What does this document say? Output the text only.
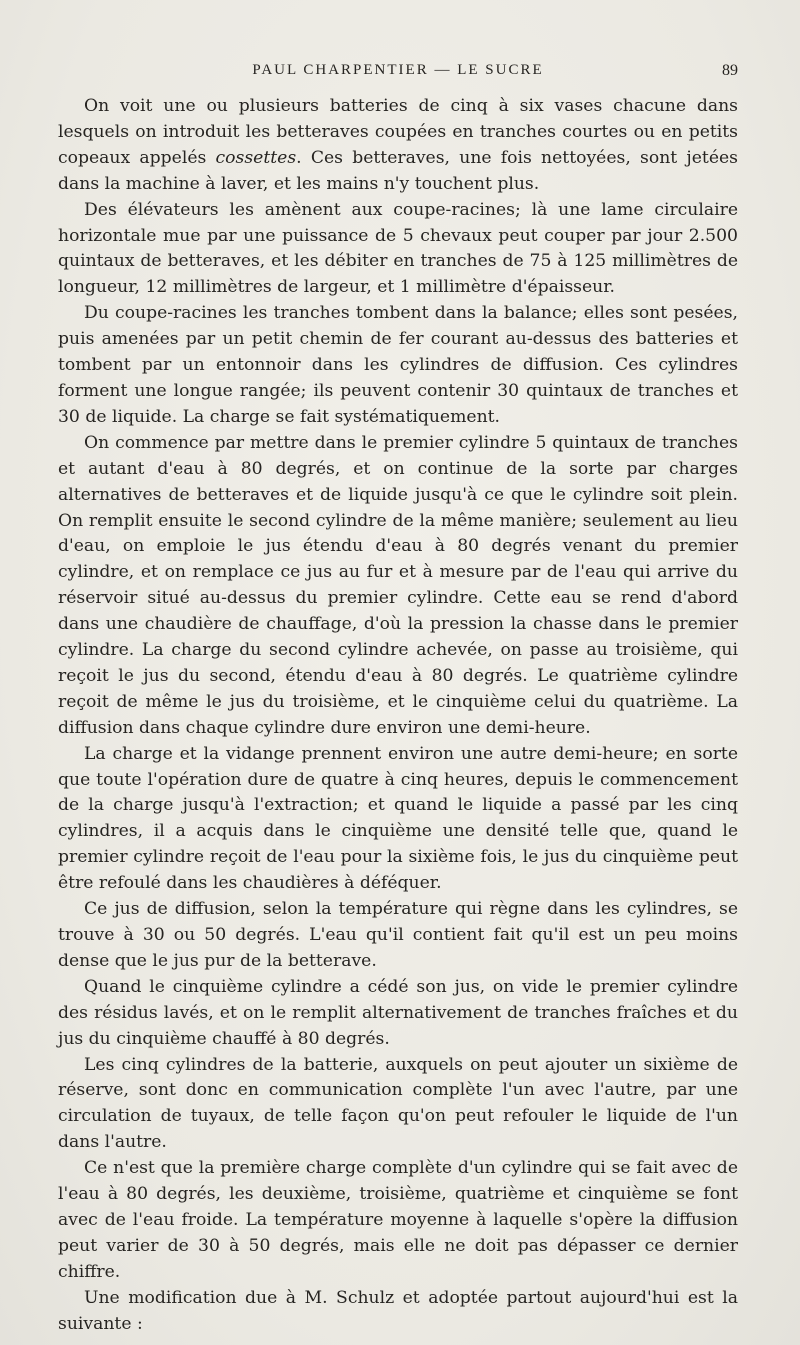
PAUL CHARPENTIER — LE SUCRE	89

On voit une ou plusieurs batteries de cinq à six vases chacune dans lesquels on introduit les betteraves coupées en tranches courtes ou en petits copeaux appelés cossettes. Ces betteraves, une fois nettoyées, sont jetées dans la machine à laver, et les mains n'y touchent plus.

Des élévateurs les amènent aux coupe-racines; là une lame circulaire horizontale mue par une puissance de 5 chevaux peut couper par jour 2.500 quintaux de betteraves, et les débiter en tranches de 75 à 125 millimètres de longueur, 12 millimètres de largeur, et 1 millimètre d'épaisseur.

Du coupe-racines les tranches tombent dans la balance; elles sont pesées, puis amenées par un petit chemin de fer courant au-dessus des batteries et tombent par un entonnoir dans les cylindres de diffusion. Ces cylindres forment une longue rangée; ils peuvent contenir 30 quintaux de tranches et 30 de liquide. La charge se fait systématiquement.

On commence par mettre dans le premier cylindre 5 quintaux de tranches et autant d'eau à 80 degrés, et on continue de la sorte par charges alternatives de betteraves et de liquide jusqu'à ce que le cylindre soit plein. On remplit ensuite le second cylindre de la même manière; seulement au lieu d'eau, on emploie le jus étendu d'eau à 80 degrés venant du premier cylindre, et on remplace ce jus au fur et à mesure par de l'eau qui arrive du réservoir situé au-dessus du premier cylindre. Cette eau se rend d'abord dans une chaudière de chauffage, d'où la pression la chasse dans le premier cylindre. La charge du second cylindre achevée, on passe au troisième, qui reçoit le jus du second, étendu d'eau à 80 degrés. Le quatrième cylindre reçoit de même le jus du troisième, et le cinquième celui du quatrième. La diffusion dans chaque cylindre dure environ une demi-heure.

La charge et la vidange prennent environ une autre demi-heure; en sorte que toute l'opération dure de quatre à cinq heures, depuis le commencement de la charge jusqu'à l'extraction; et quand le liquide a passé par les cinq cylindres, il a acquis dans le cinquième une densité telle que, quand le premier cylindre reçoit de l'eau pour la sixième fois, le jus du cinquième peut être refoulé dans les chaudières à déféquer.

Ce jus de diffusion, selon la température qui règne dans les cylindres, se trouve à 30 ou 50 degrés. L'eau qu'il contient fait qu'il est un peu moins dense que le jus pur de la betterave.

Quand le cinquième cylindre a cédé son jus, on vide le premier cylindre des résidus lavés, et on le remplit alternativement de tranches fraîches et du jus du cinquième chauffé à 80 degrés.

Les cinq cylindres de la batterie, auxquels on peut ajouter un sixième de réserve, sont donc en communication complète l'un avec l'autre, par une circulation de tuyaux, de telle façon qu'on peut refouler le liquide de l'un dans l'autre.

Ce n'est que la première charge complète d'un cylindre qui se fait avec de l'eau à 80 degrés, les deuxième, troisième, quatrième et cinquième se font avec de l'eau froide. La température moyenne à laquelle s'opère la diffusion peut varier de 30 à 50 degrés, mais elle ne doit pas dépasser ce dernier chiffre.

Une modification due à M. Schulz et adoptée partout aujourd'hui est la suivante :
